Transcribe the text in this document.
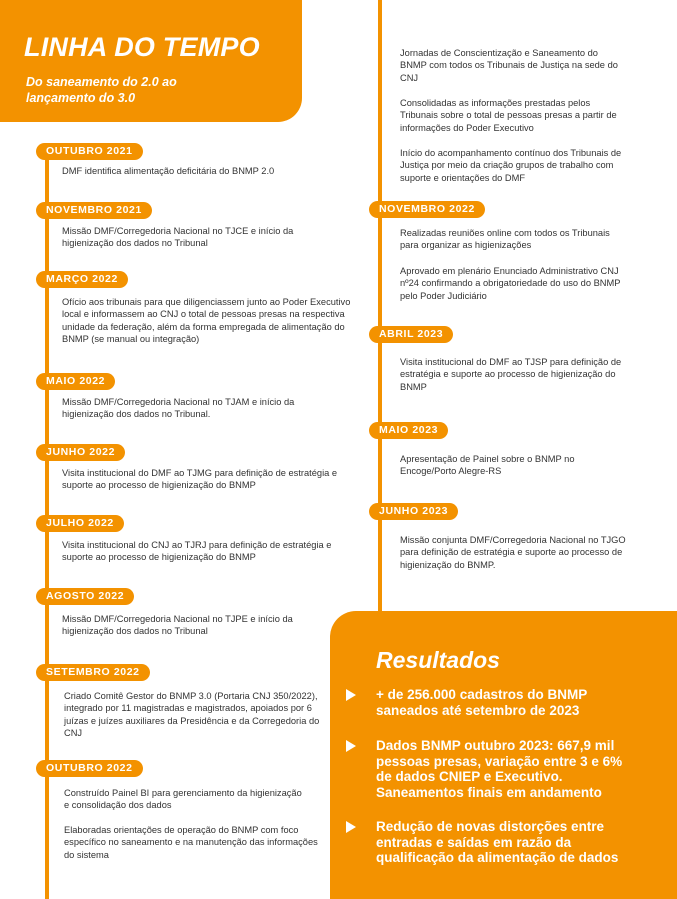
LINHA DO TEMPO
Do saneamento do 2.0 ao lançamento do 3.0
OUTUBRO 2021
DMF identifica alimentação deficitária do BNMP 2.0
NOVEMBRO 2021
Missão DMF/Corregedoria Nacional no TJCE e início da higienização dos dados no Tribunal
MARÇO 2022
Ofício aos tribunais para que diligenciassem junto ao Poder Executivo local e informassem ao CNJ o total de pessoas presas na respectiva unidade da federação, além da forma empregada de alimentação do BNMP (se manual ou integração)
MAIO 2022
Missão DMF/Corregedoria Nacional no TJAM e início da higienização dos dados no Tribunal.
JUNHO 2022
Visita institucional do DMF ao TJMG para definição de estratégia e suporte ao processo de higienização do BNMP
JULHO 2022
Visita institucional do CNJ ao TJRJ para definição de estratégia e suporte ao processo de higienização do BNMP
AGOSTO 2022
Missão DMF/Corregedoria Nacional no TJPE e início da higienização dos dados no Tribunal
SETEMBRO 2022
Criado Comitê Gestor do BNMP 3.0 (Portaria CNJ 350/2022), integrado por 11 magistradas e magistrados, apoiados por 6 juízas e juízes auxiliares da Presidência e da Corregedoria do CNJ
OUTUBRO 2022
Construído Painel BI para gerenciamento da higienização e consolidação dos dados
Elaboradas orientações de operação do BNMP com foco específico no saneamento e na manutenção das informações do sistema
Jornadas de Conscientização e Saneamento do BNMP com todos os Tribunais de Justiça na sede do CNJ
Consolidadas as informações prestadas pelos Tribunais sobre o total de pessoas presas a partir de informações do Poder Executivo
Início do acompanhamento contínuo dos Tribunais de Justiça por meio da criação grupos de trabalho com suporte e orientações do DMF
NOVEMBRO 2022
Realizadas reuniões online com todos os Tribunais para organizar as higienizações
Aprovado em plenário Enunciado Administrativo CNJ nº24 confirmando a obrigatoriedade do uso do BNMP pelo Poder Judiciário
ABRIL 2023
Visita institucional do DMF ao TJSP para definição de estratégia e suporte ao processo de higienização do BNMP
MAIO 2023
Apresentação de Painel sobre o BNMP no Encoge/Porto Alegre-RS
JUNHO 2023
Missão conjunta DMF/Corregedoria Nacional no TJGO para definição de estratégia e suporte ao processo de higienização do BNMP.
Resultados
+ de 256.000 cadastros do BNMP saneados até setembro de 2023
Dados BNMP outubro 2023: 667,9 mil pessoas presas, variação entre 3 e 6% de dados CNIEP e Executivo. Saneamentos finais em andamento
Redução de novas distorções entre entradas e saídas em razão da qualificação da alimentação de dados
